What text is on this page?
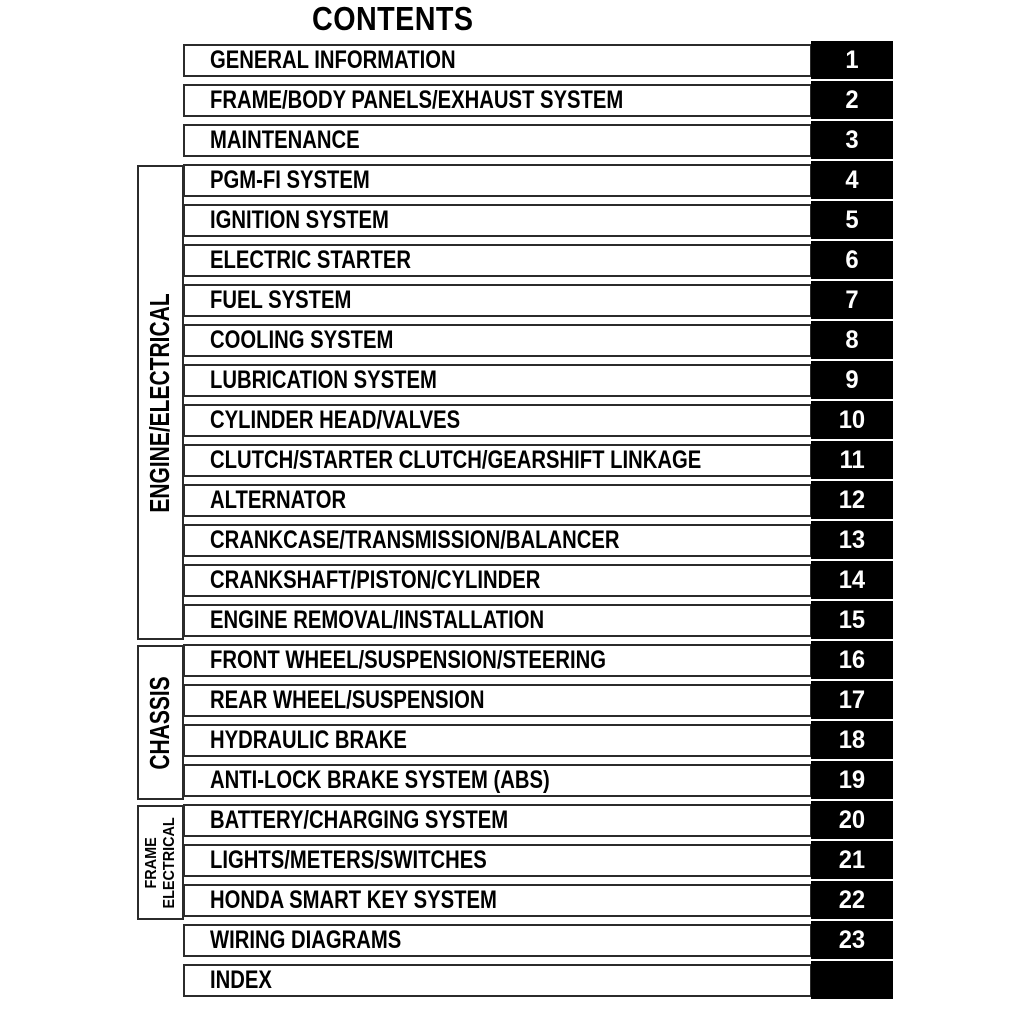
CONTENTS
ENGINE/ELECTRICAL
CHASSIS
FRAME ELECTRICAL
GENERAL INFORMATION	1
FRAME/BODY PANELS/EXHAUST SYSTEM	2
MAINTENANCE	3
PGM-FI SYSTEM	4
IGNITION SYSTEM	5
ELECTRIC STARTER	6
FUEL SYSTEM	7
COOLING SYSTEM	8
LUBRICATION SYSTEM	9
CYLINDER HEAD/VALVES	10
CLUTCH/STARTER CLUTCH/GEARSHIFT LINKAGE	11
ALTERNATOR	12
CRANKCASE/TRANSMISSION/BALANCER	13
CRANKSHAFT/PISTON/CYLINDER	14
ENGINE REMOVAL/INSTALLATION	15
FRONT WHEEL/SUSPENSION/STEERING	16
REAR WHEEL/SUSPENSION	17
HYDRAULIC BRAKE	18
ANTI-LOCK BRAKE SYSTEM (ABS)	19
BATTERY/CHARGING SYSTEM	20
LIGHTS/METERS/SWITCHES	21
HONDA SMART KEY SYSTEM	22
WIRING DIAGRAMS	23
INDEX
